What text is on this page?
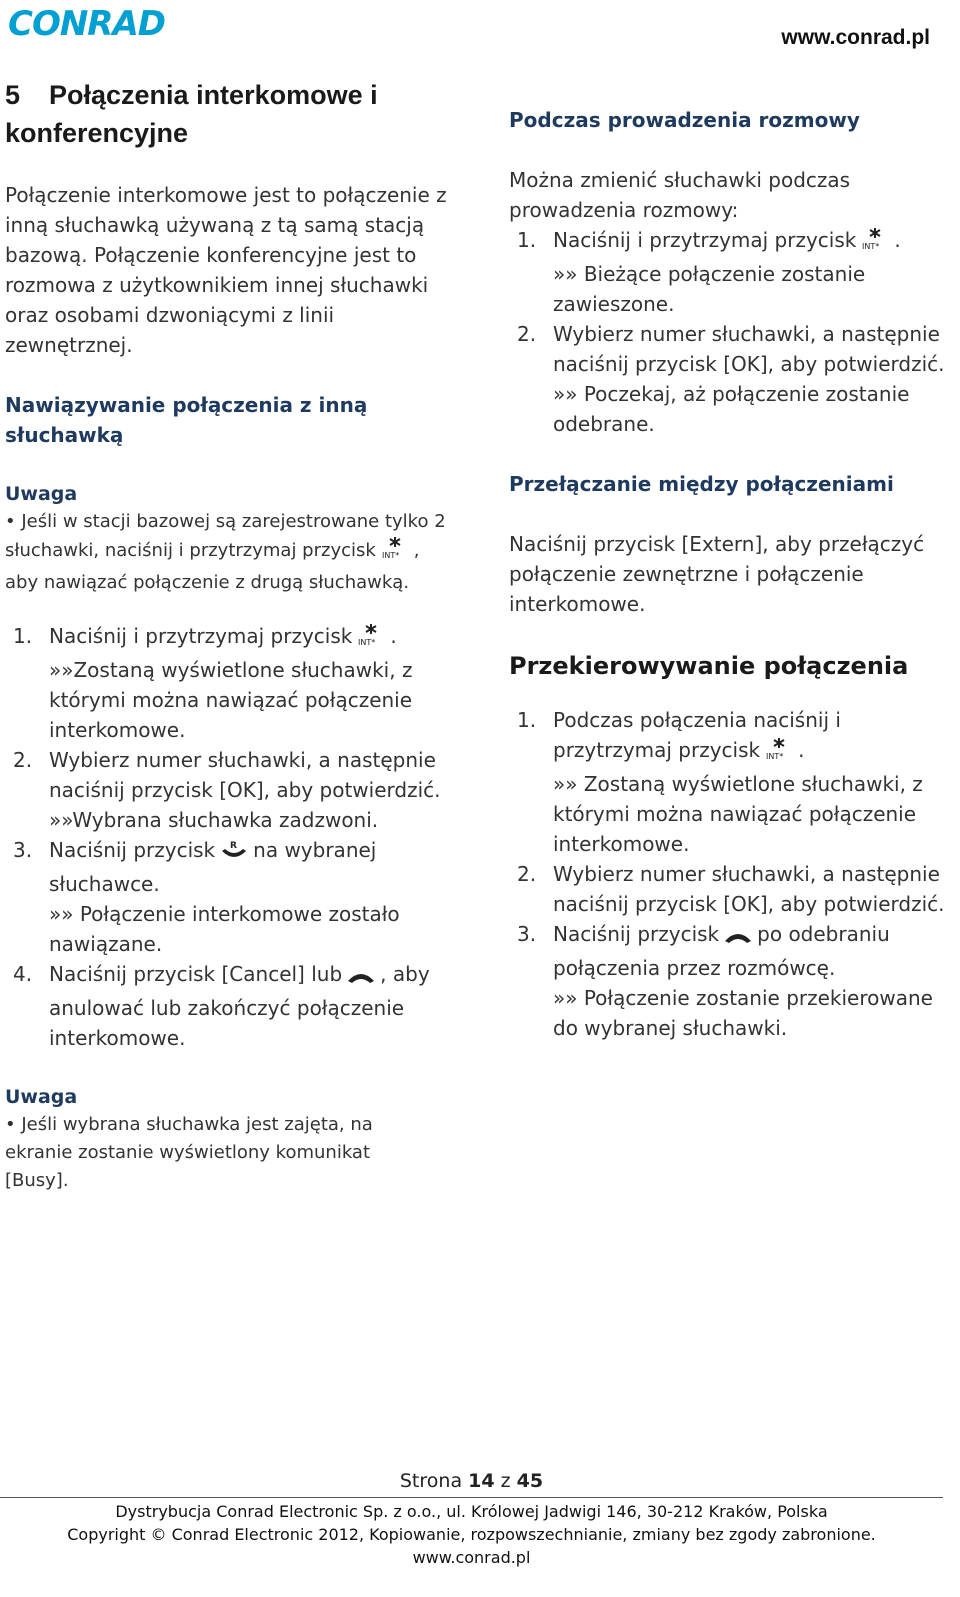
CONRAD	www.conrad.pl
5 Połączenia interkomowe i konferencyjne

Połączenie interkomowe jest to połączenie z inną słuchawką używaną z tą samą stacją bazową. Połączenie konferencyjne jest to rozmowa z użytkownikiem innej słuchawki oraz osobami dzwoniącymi z linii zewnętrznej.

Nawiązywanie połączenia z inną słuchawką

Uwaga
• Jeśli w stacji bazowej są zarejestrowane tylko 2 słuchawki, naciśnij i przytrzymaj przycisk INT* , aby nawiązać połączenie z drugą słuchawką.
1. Naciśnij i przytrzymaj przycisk INT* .
»»Zostaną wyświetlone słuchawki, z którymi można nawiązać połączenie interkomowe.
2. Wybierz numer słuchawki, a następnie naciśnij przycisk [OK], aby potwierdzić.
»»Wybrana słuchawka zadzwoni.
3. Naciśnij przycisk R na wybranej słuchawce.
»» Połączenie interkomowe zostało nawiązane.
4. Naciśnij przycisk [Cancel] lub , aby anulować lub zakończyć połączenie interkomowe.
Uwaga
• Jeśli wybrana słuchawka jest zajęta, na ekranie zostanie wyświetlony komunikat [Busy].

Podczas prowadzenia rozmowy

Można zmienić słuchawki podczas prowadzenia rozmowy:

1. Naciśnij i przytrzymaj przycisk INT* .
»» Bieżące połączenie zostanie zawieszone.
2. Wybierz numer słuchawki, a następnie naciśnij przycisk [OK], aby potwierdzić.
»» Poczekaj, aż połączenie zostanie odebrane.

Przełączanie między połączeniami

Naciśnij przycisk [Extern], aby przełączyć połączenie zewnętrzne i połączenie interkomowe.

Przekierowywanie połączenia

1. Podczas połączenia naciśnij i przytrzymaj przycisk INT* .
»» Zostaną wyświetlone słuchawki, z którymi można nawiązać połączenie interkomowe.
2. Wybierz numer słuchawki, a następnie naciśnij przycisk [OK], aby potwierdzić.
3. Naciśnij przycisk po odebraniu połączenia przez rozmówcę.
»» Połączenie zostanie przekierowane do wybranej słuchawki.
Strona 14 z 45
Dystrybucja Conrad Electronic Sp. z o.o., ul. Królowej Jadwigi 146, 30-212 Kraków, Polska
Copyright © Conrad Electronic 2012, Kopiowanie, rozpowszechnianie, zmiany bez zgody zabronione.
www.conrad.pl
